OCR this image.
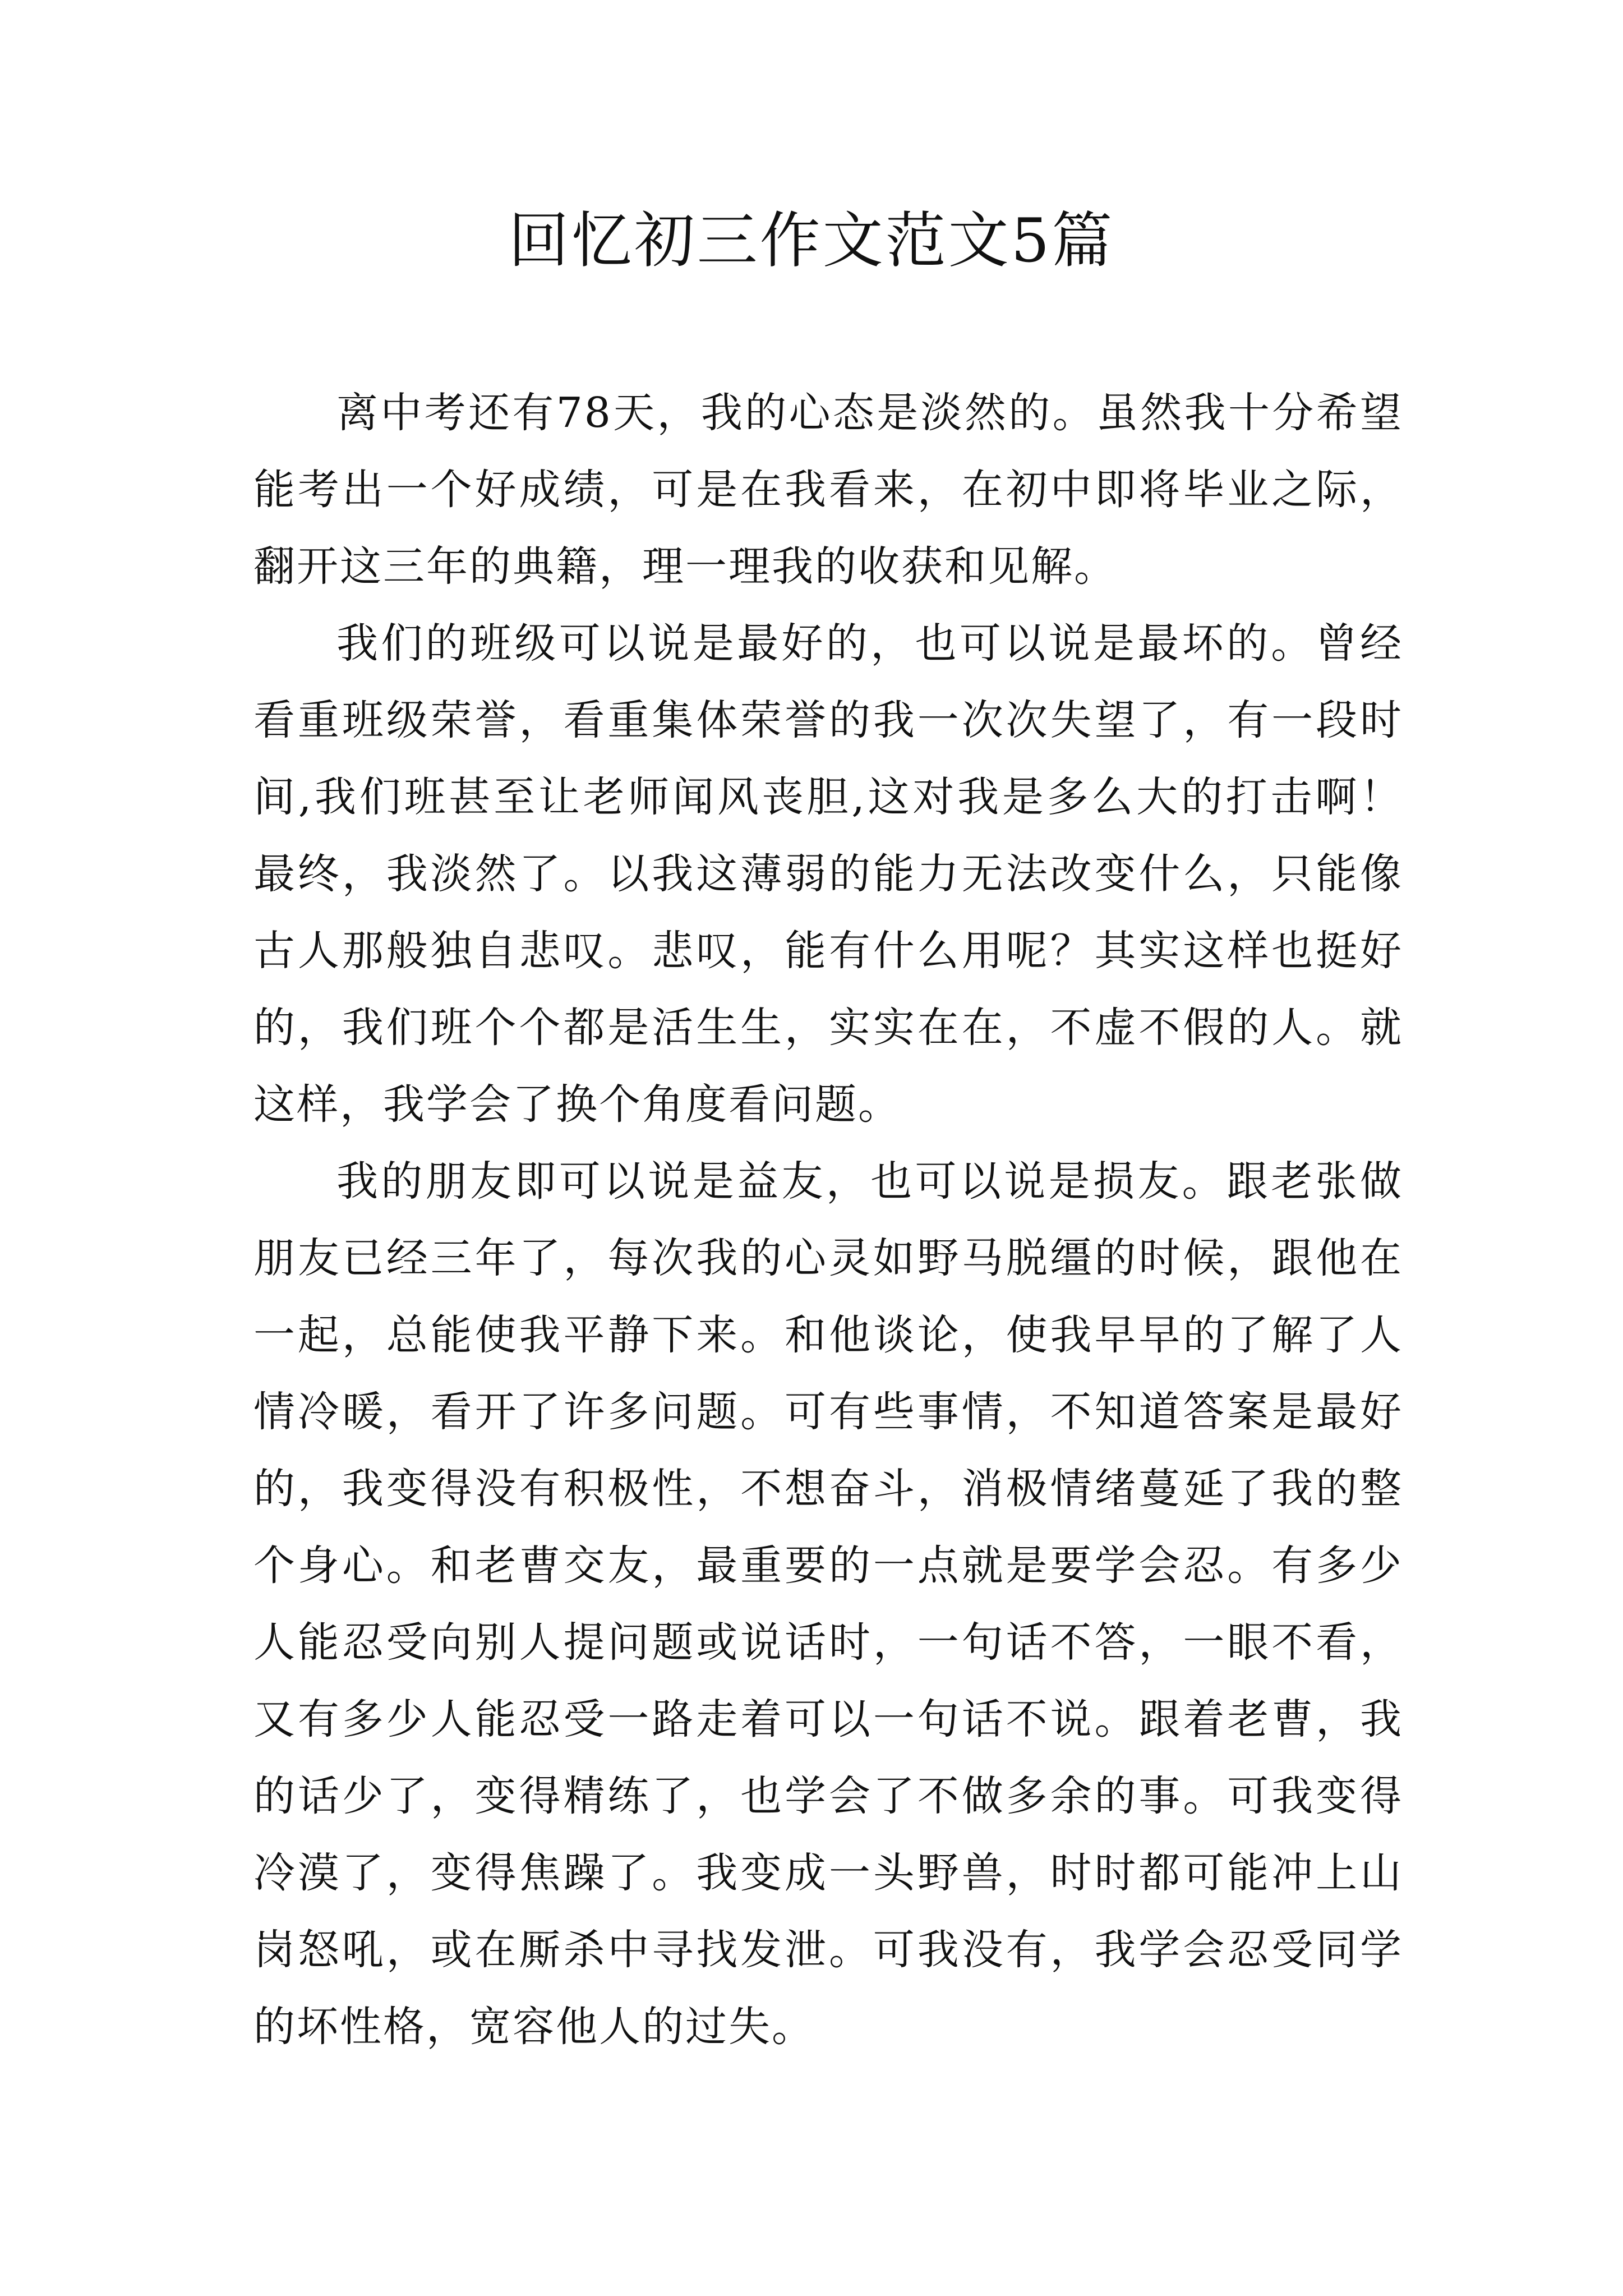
回忆初三作文范文5篇

离中考还有78天，我的心态是淡然的。虽然我十分希望能考出一个好成绩，可是在我看来，在初中即将毕业之际，翻开这三年的典籍，理一理我的收获和见解。

我们的班级可以说是最好的，也可以说是最坏的。曾经看重班级荣誉，看重集体荣誉的我一次次失望了，有一段时间,我们班甚至让老师闻风丧胆,这对我是多么大的打击啊！最终，我淡然了。以我这薄弱的能力无法改变什么，只能像古人那般独自悲叹。悲叹，能有什么用呢？其实这样也挺好的，我们班个个都是活生生，实实在在，不虚不假的人。就这样，我学会了换个角度看问题。

我的朋友即可以说是益友，也可以说是损友。跟老张做朋友已经三年了，每次我的心灵如野马脱缰的时候，跟他在一起，总能使我平静下来。和他谈论，使我早早的了解了人情冷暖，看开了许多问题。可有些事情，不知道答案是最好的，我变得没有积极性，不想奋斗，消极情绪蔓延了我的整个身心。和老曹交友，最重要的一点就是要学会忍。有多少人能忍受向别人提问题或说话时，一句话不答，一眼不看，又有多少人能忍受一路走着可以一句话不说。跟着老曹，我的话少了，变得精练了，也学会了不做多余的事。可我变得冷漠了，变得焦躁了。我变成一头野兽，时时都可能冲上山岗怒吼，或在厮杀中寻找发泄。可我没有，我学会忍受同学的坏性格，宽容他人的过失。
